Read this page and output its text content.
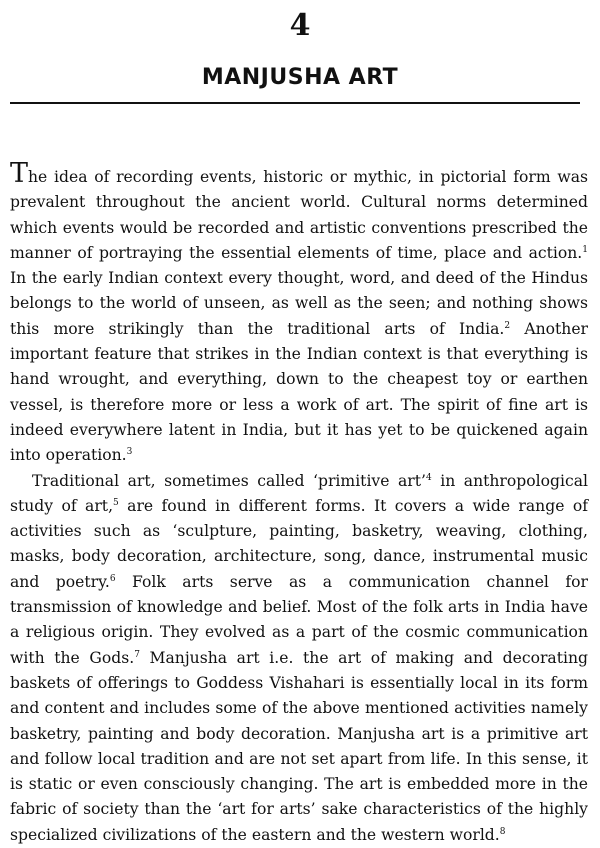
4
MANJUSHA ART

The idea of recording events, historic or mythic, in pictorial form was prevalent throughout the ancient world. Cultural norms determined which events would be recorded and artistic conventions prescribed the manner of portraying the essential elements of time, place and action.$^1$ In the early Indian context every thought, word, and deed of the Hindus belongs to the world of unseen, as well as the seen; and nothing shows this more strikingly than the traditional arts of India.$^2$ Another important feature that strikes in the Indian context is that everything is hand wrought, and everything, down to the cheapest toy or earthen vessel, is therefore more or less a work of art. The spirit of fine art is indeed everywhere latent in India, but it has yet to be quickened again into operation.$^3$

Traditional art, sometimes called ‘primitive art’$^4$ in anthropological study of art,$^5$ are found in different forms. It covers a wide range of activities such as ‘sculpture, painting, basketry, weaving, clothing, masks, body decoration, architecture, song, dance, instrumental music and poetry.$^6$ Folk arts serve as a communication channel for transmission of knowledge and belief. Most of the folk arts in India have a religious origin. They evolved as a part of the cosmic communication with the Gods.$^7$ Manjusha art i.e. the art of making and decorating baskets of offerings to Goddess Vishahari is essentially local in its form and content and includes some of the above mentioned activities namely basketry, painting and body decoration. Manjusha art is a primitive art and follow local tradition and are not set apart from life. In this sense, it is static or even consciously changing. The art is embedded more in the fabric of society than the ‘art for arts’ sake characteristics of the highly specialized civilizations of the eastern and the western world.$^8$
